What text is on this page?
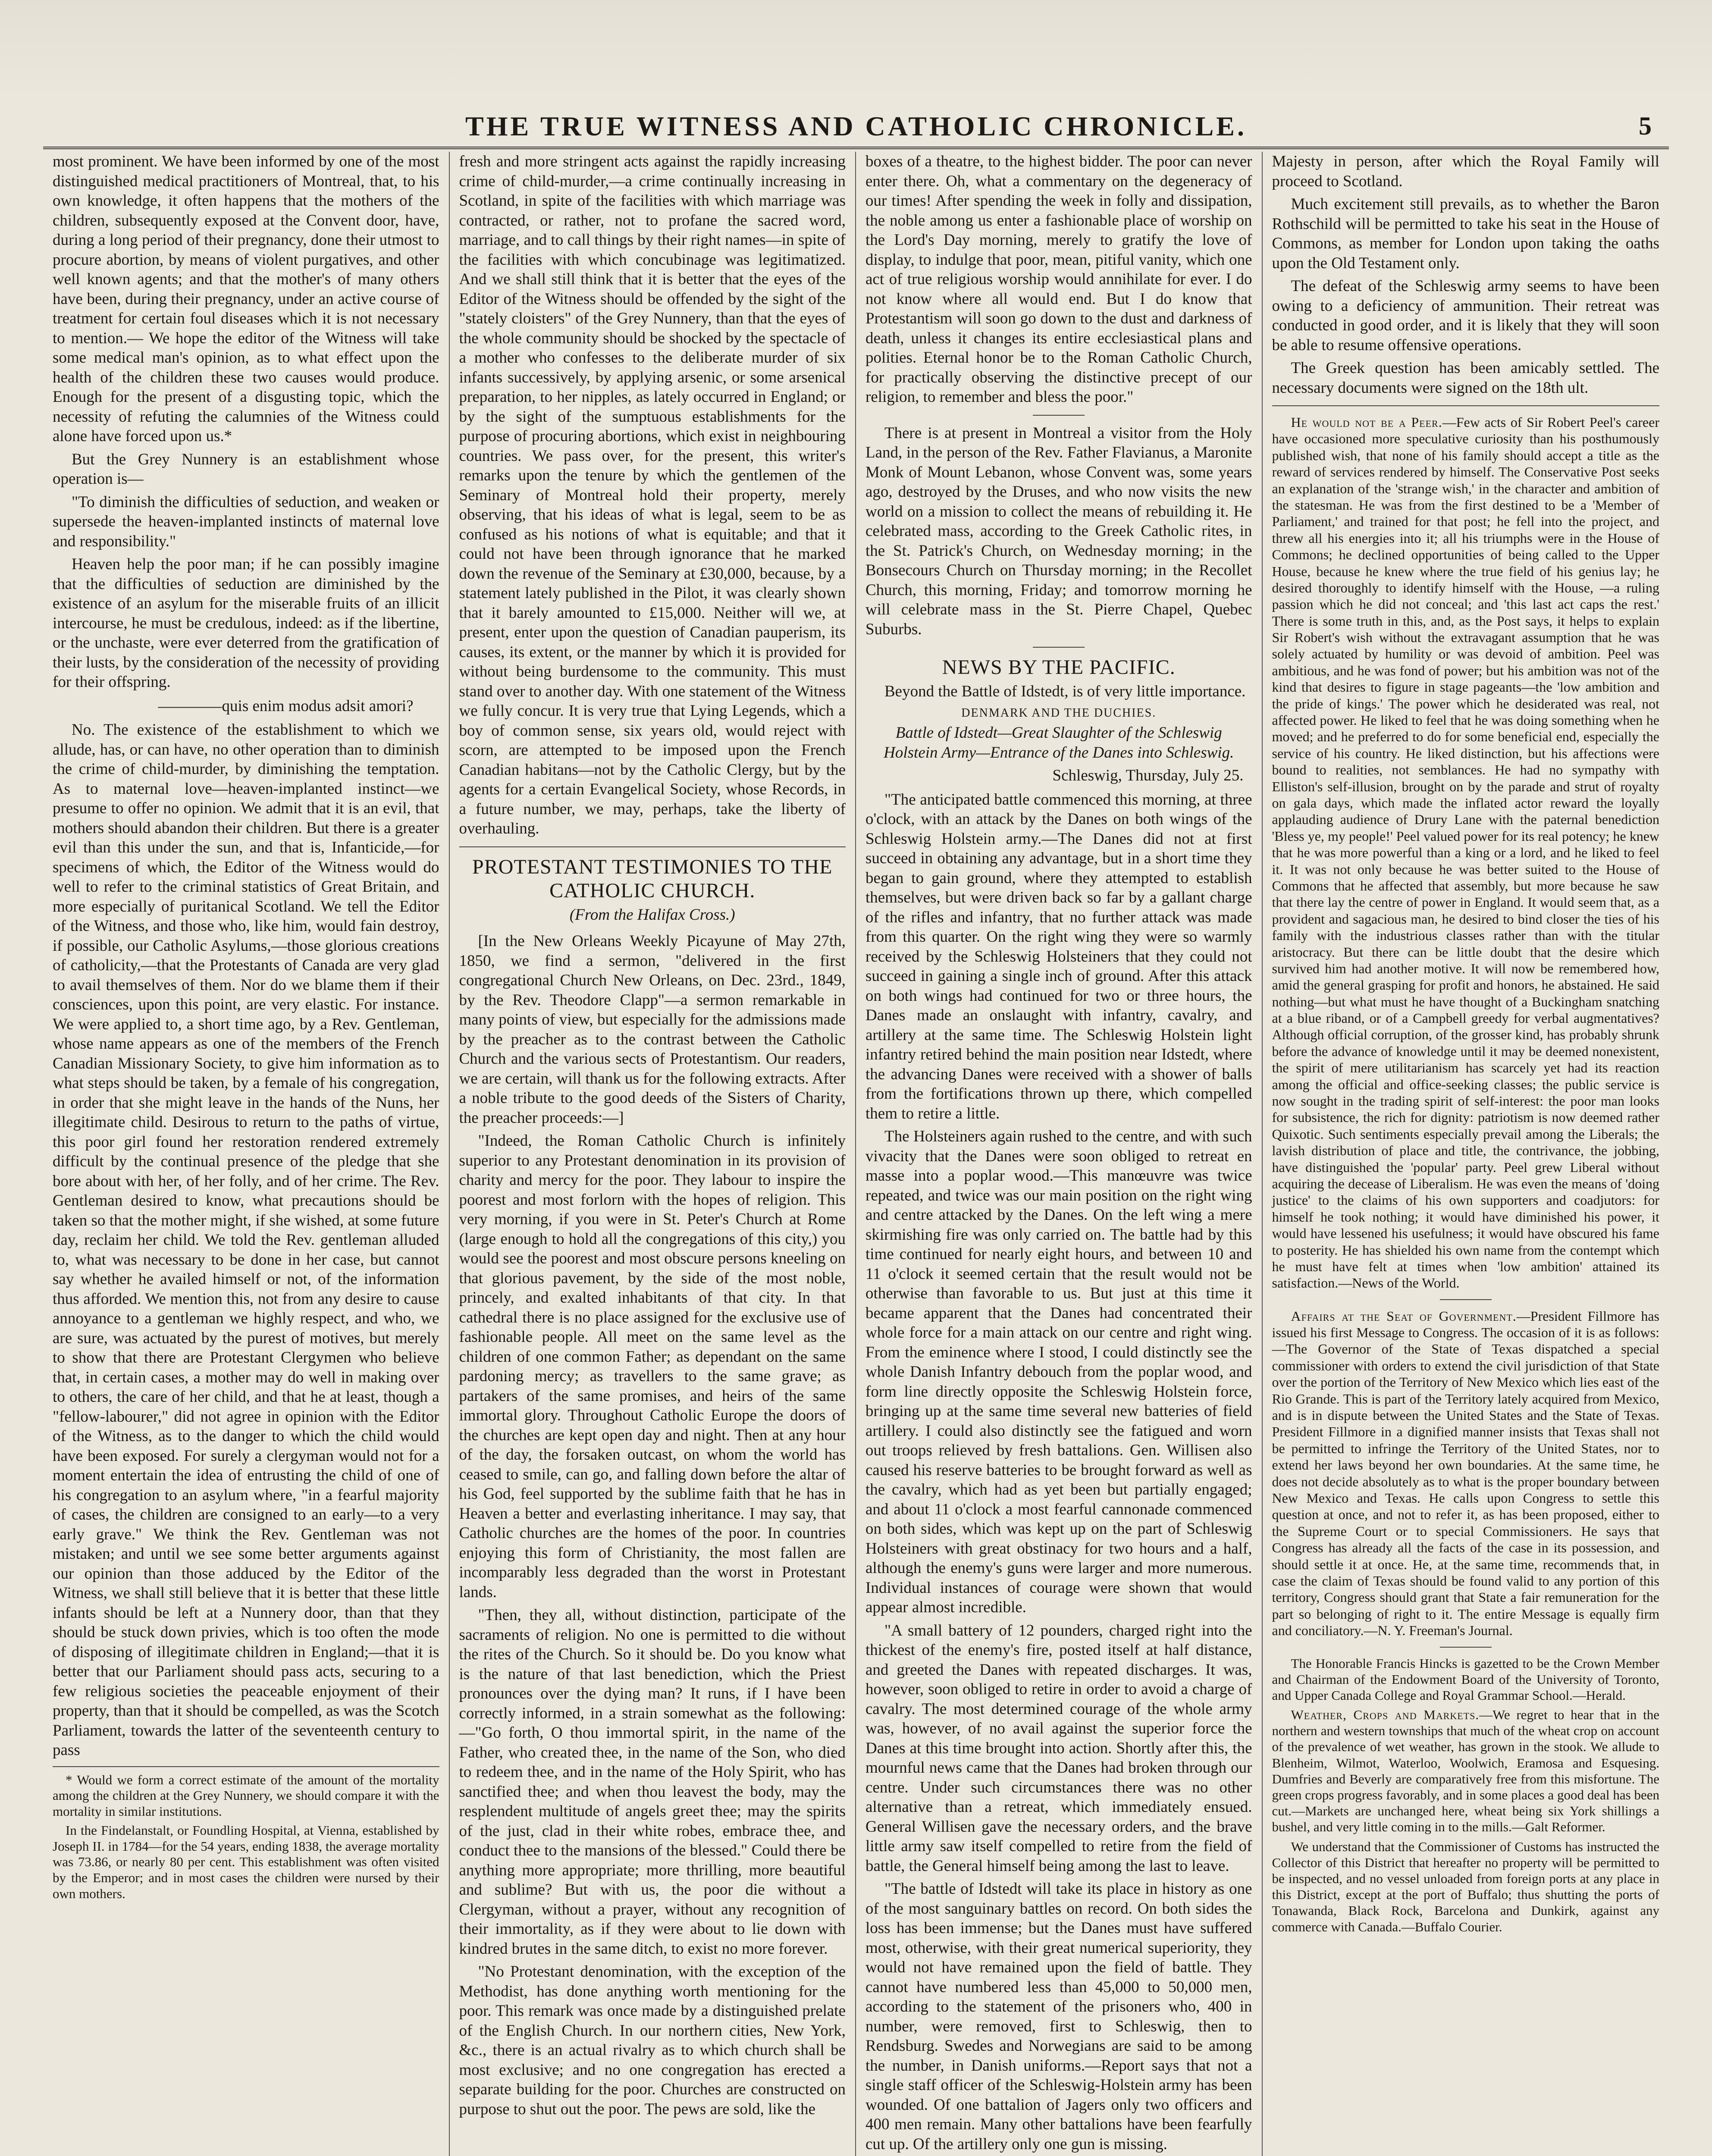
THE TRUE WITNESS AND CATHOLIC CHRONICLE.	5

most prominent. We have been informed by one of the most distinguished medical practitioners of Montreal, that, to his own knowledge, it often happens that the mothers of the children, subsequently exposed at the Convent door, have, during a long period of their pregnancy, done their utmost to procure abortion, by means of violent purgatives, and other well known agents; and that the mother's of many others have been, during their pregnancy, under an active course of treatment for certain foul diseases which it is not necessary to mention.— We hope the editor of the Witness will take some medical man's opinion, as to what effect upon the health of the children these two causes would produce. Enough for the present of a disgusting topic, which the necessity of refuting the calumnies of the Witness could alone have forced upon us.*

But the Grey Nunnery is an establishment whose operation is—

"To diminish the difficulties of seduction, and weaken or supersede the heaven-implanted instincts of maternal love and responsibility."

Heaven help the poor man; if he can possibly imagine that the difficulties of seduction are diminished by the existence of an asylum for the miserable fruits of an illicit intercourse, he must be credulous, indeed: as if the libertine, or the unchaste, were ever deterred from the gratification of their lusts, by the consideration of the necessity of providing for their offspring.

————quis enim modus adsit amori?

No. The existence of the establishment to which we allude, has, or can have, no other operation than to diminish the crime of child-murder, by diminishing the temptation. As to maternal love—heaven-implanted instinct—we presume to offer no opinion. We admit that it is an evil, that mothers should abandon their children. But there is a greater evil than this under the sun, and that is, Infanticide,—for specimens of which, the Editor of the Witness would do well to refer to the criminal statistics of Great Britain, and more especially of puritanical Scotland. We tell the Editor of the Witness, and those who, like him, would fain destroy, if possible, our Catholic Asylums,—those glorious creations of catholicity,—that the Protestants of Canada are very glad to avail themselves of them. Nor do we blame them if their consciences, upon this point, are very elastic. For instance. We were applied to, a short time ago, by a Rev. Gentleman, whose name appears as one of the members of the French Canadian Missionary Society, to give him information as to what steps should be taken, by a female of his congregation, in order that she might leave in the hands of the Nuns, her illegitimate child. Desirous to return to the paths of virtue, this poor girl found her restoration rendered extremely difficult by the continual presence of the pledge that she bore about with her, of her folly, and of her crime. The Rev. Gentleman desired to know, what precautions should be taken so that the mother might, if she wished, at some future day, reclaim her child. We told the Rev. gentleman alluded to, what was necessary to be done in her case, but cannot say whether he availed himself or not, of the information thus afforded. We mention this, not from any desire to cause annoyance to a gentleman we highly respect, and who, we are sure, was actuated by the purest of motives, but merely to show that there are Protestant Clergymen who believe that, in certain cases, a mother may do well in making over to others, the care of her child, and that he at least, though a "fellow-labourer," did not agree in opinion with the Editor of the Witness, as to the danger to which the child would have been exposed. For surely a clergyman would not for a moment entertain the idea of entrusting the child of one of his congregation to an asylum where, "in a fearful majority of cases, the children are consigned to an early—to a very early grave." We think the Rev. Gentleman was not mistaken; and until we see some better arguments against our opinion than those adduced by the Editor of the Witness, we shall still believe that it is better that these little infants should be left at a Nunnery door, than that they should be stuck down privies, which is too often the mode of disposing of illegitimate children in England;—that it is better that our Parliament should pass acts, securing to a few religious societies the peaceable enjoyment of their property, than that it should be compelled, as was the Scotch Parliament, towards the latter of the seventeenth century to pass

* Would we form a correct estimate of the amount of the mortality among the children at the Grey Nunnery, we should compare it with the mortality in similar institutions.

In the Findelanstalt, or Foundling Hospital, at Vienna, established by Joseph II. in 1784—for the 54 years, ending 1838, the average mortality was 73.86, or nearly 80 per cent. This establishment was often visited by the Emperor; and in most cases the children were nursed by their own mothers.

fresh and more stringent acts against the rapidly increasing crime of child-murder,—a crime continually increasing in Scotland, in spite of the facilities with which marriage was contracted, or rather, not to profane the sacred word, marriage, and to call things by their right names—in spite of the facilities with which concubinage was legitimatized. And we shall still think that it is better that the eyes of the Editor of the Witness should be offended by the sight of the "stately cloisters" of the Grey Nunnery, than that the eyes of the whole community should be shocked by the spectacle of a mother who confesses to the deliberate murder of six infants successively, by applying arsenic, or some arsenical preparation, to her nipples, as lately occurred in England; or by the sight of the sumptuous establishments for the purpose of procuring abortions, which exist in neighbouring countries. We pass over, for the present, this writer's remarks upon the tenure by which the gentlemen of the Seminary of Montreal hold their property, merely observing, that his ideas of what is legal, seem to be as confused as his notions of what is equitable; and that it could not have been through ignorance that he marked down the revenue of the Seminary at £30,000, because, by a statement lately published in the Pilot, it was clearly shown that it barely amounted to £15,000. Neither will we, at present, enter upon the question of Canadian pauperism, its causes, its extent, or the manner by which it is provided for without being burdensome to the community. This must stand over to another day. With one statement of the Witness we fully concur. It is very true that Lying Legends, which a boy of common sense, six years old, would reject with scorn, are attempted to be imposed upon the French Canadian habitans—not by the Catholic Clergy, but by the agents for a certain Evangelical Society, whose Records, in a future number, we may, perhaps, take the liberty of overhauling.

PROTESTANT TESTIMONIES TO THE CATHOLIC CHURCH.

(From the Halifax Cross.)

[In the New Orleans Weekly Picayune of May 27th, 1850, we find a sermon, "delivered in the first congregational Church New Orleans, on Dec. 23rd., 1849, by the Rev. Theodore Clapp"—a sermon remarkable in many points of view, but especially for the admissions made by the preacher as to the contrast between the Catholic Church and the various sects of Protestantism. Our readers, we are certain, will thank us for the following extracts. After a noble tribute to the good deeds of the Sisters of Charity, the preacher proceeds:—]

"Indeed, the Roman Catholic Church is infinitely superior to any Protestant denomination in its provision of charity and mercy for the poor. They labour to inspire the poorest and most forlorn with the hopes of religion. This very morning, if you were in St. Peter's Church at Rome (large enough to hold all the congregations of this city,) you would see the poorest and most obscure persons kneeling on that glorious pavement, by the side of the most noble, princely, and exalted inhabitants of that city. In that cathedral there is no place assigned for the exclusive use of fashionable people. All meet on the same level as the children of one common Father; as dependant on the same pardoning mercy; as travellers to the same grave; as partakers of the same promises, and heirs of the same immortal glory. Throughout Catholic Europe the doors of the churches are kept open day and night. Then at any hour of the day, the forsaken outcast, on whom the world has ceased to smile, can go, and falling down before the altar of his God, feel supported by the sublime faith that he has in Heaven a better and everlasting inheritance. I may say, that Catholic churches are the homes of the poor. In countries enjoying this form of Christianity, the most fallen are incomparably less degraded than the worst in Protestant lands.

"Then, they all, without distinction, participate of the sacraments of religion. No one is permitted to die without the rites of the Church. So it should be. Do you know what is the nature of that last benediction, which the Priest pronounces over the dying man? It runs, if I have been correctly informed, in a strain somewhat as the following:—"Go forth, O thou immortal spirit, in the name of the Father, who created thee, in the name of the Son, who died to redeem thee, and in the name of the Holy Spirit, who has sanctified thee; and when thou leavest the body, may the resplendent multitude of angels greet thee; may the spirits of the just, clad in their white robes, embrace thee, and conduct thee to the mansions of the blessed." Could there be anything more appropriate; more thrilling, more beautiful and sublime? But with us, the poor die without a Clergyman, without a prayer, without any recognition of their immortality, as if they were about to lie down with kindred brutes in the same ditch, to exist no more forever.

"No Protestant denomination, with the exception of the Methodist, has done anything worth mentioning for the poor. This remark was once made by a distinguished prelate of the English Church. In our northern cities, New York, &c., there is an actual rivalry as to which church shall be most exclusive; and no one congregation has erected a separate building for the poor. Churches are constructed on purpose to shut out the poor. The pews are sold, like the

boxes of a theatre, to the highest bidder. The poor can never enter there. Oh, what a commentary on the degeneracy of our times! After spending the week in folly and dissipation, the noble among us enter a fashionable place of worship on the Lord's Day morning, merely to gratify the love of display, to indulge that poor, mean, pitiful vanity, which one act of true religious worship would annihilate for ever. I do not know where all would end. But I do know that Protestantism will soon go down to the dust and darkness of death, unless it changes its entire ecclesiastical plans and polities. Eternal honor be to the Roman Catholic Church, for practically observing the distinctive precept of our religion, to remember and bless the poor."

There is at present in Montreal a visitor from the Holy Land, in the person of the Rev. Father Flavianus, a Maronite Monk of Mount Lebanon, whose Convent was, some years ago, destroyed by the Druses, and who now visits the new world on a mission to collect the means of rebuilding it. He celebrated mass, according to the Greek Catholic rites, in the St. Patrick's Church, on Wednesday morning; in the Bonsecours Church on Thursday morning; in the Recollet Church, this morning, Friday; and tomorrow morning he will celebrate mass in the St. Pierre Chapel, Quebec Suburbs.

NEWS BY THE PACIFIC.

Beyond the Battle of Idstedt, is of very little importance.

DENMARK AND THE DUCHIES.

Battle of Idstedt—Great Slaughter of the Schleswig Holstein Army—Entrance of the Danes into Schleswig.

Schleswig, Thursday, July 25.

"The anticipated battle commenced this morning, at three o'clock, with an attack by the Danes on both wings of the Schleswig Holstein army.—The Danes did not at first succeed in obtaining any advantage, but in a short time they began to gain ground, where they attempted to establish themselves, but were driven back so far by a gallant charge of the rifles and infantry, that no further attack was made from this quarter. On the right wing they were so warmly received by the Schleswig Holsteiners that they could not succeed in gaining a single inch of ground. After this attack on both wings had continued for two or three hours, the Danes made an onslaught with infantry, cavalry, and artillery at the same time. The Schleswig Holstein light infantry retired behind the main position near Idstedt, where the advancing Danes were received with a shower of balls from the fortifications thrown up there, which compelled them to retire a little.

The Holsteiners again rushed to the centre, and with such vivacity that the Danes were soon obliged to retreat en masse into a poplar wood.—This manœuvre was twice repeated, and twice was our main position on the right wing and centre attacked by the Danes. On the left wing a mere skirmishing fire was only carried on. The battle had by this time continued for nearly eight hours, and between 10 and 11 o'clock it seemed certain that the result would not be otherwise than favorable to us. But just at this time it became apparent that the Danes had concentrated their whole force for a main attack on our centre and right wing. From the eminence where I stood, I could distinctly see the whole Danish Infantry debouch from the poplar wood, and form line directly opposite the Schleswig Holstein force, bringing up at the same time several new batteries of field artillery. I could also distinctly see the fatigued and worn out troops relieved by fresh battalions. Gen. Willisen also caused his reserve batteries to be brought forward as well as the cavalry, which had as yet been but partially engaged; and about 11 o'clock a most fearful cannonade commenced on both sides, which was kept up on the part of Schleswig Holsteiners with great obstinacy for two hours and a half, although the enemy's guns were larger and more numerous. Individual instances of courage were shown that would appear almost incredible.

"A small battery of 12 pounders, charged right into the thickest of the enemy's fire, posted itself at half distance, and greeted the Danes with repeated discharges. It was, however, soon obliged to retire in order to avoid a charge of cavalry. The most determined courage of the whole army was, however, of no avail against the superior force the Danes at this time brought into action. Shortly after this, the mournful news came that the Danes had broken through our centre. Under such circumstances there was no other alternative than a retreat, which immediately ensued. General Willisen gave the necessary orders, and the brave little army saw itself compelled to retire from the field of battle, the General himself being among the last to leave.

"The battle of Idstedt will take its place in history as one of the most sanguinary battles on record. On both sides the loss has been immense; but the Danes must have suffered most, otherwise, with their great numerical superiority, they would not have remained upon the field of battle. They cannot have numbered less than 45,000 to 50,000 men, according to the statement of the prisoners who, 400 in number, were removed, first to Schleswig, then to Rendsburg. Swedes and Norwegians are said to be among the number, in Danish uniforms.—Report says that not a single staff officer of the Schleswig-Holstein army has been wounded. Of one battalion of Jagers only two officers and 400 men remain. Many other battalions have been fearfully cut up. Of the artillery only one gun is missing.

Majesty in person, after which the Royal Family will proceed to Scotland.

Much excitement still prevails, as to whether the Baron Rothschild will be permitted to take his seat in the House of Commons, as member for London upon taking the oaths upon the Old Testament only.

The defeat of the Schleswig army seems to have been owing to a deficiency of ammunition. Their retreat was conducted in good order, and it is likely that they will soon be able to resume offensive operations.

The Greek question has been amicably settled. The necessary documents were signed on the 18th ult.

He would not be a Peer.—Few acts of Sir Robert Peel's career have occasioned more speculative curiosity than his posthumously published wish, that none of his family should accept a title as the reward of services rendered by himself. The Conservative Post seeks an explanation of the 'strange wish,' in the character and ambition of the statesman. He was from the first destined to be a 'Member of Parliament,' and trained for that post; he fell into the project, and threw all his energies into it; all his triumphs were in the House of Commons; he declined opportunities of being called to the Upper House, because he knew where the true field of his genius lay; he desired thoroughly to identify himself with the House, —a ruling passion which he did not conceal; and 'this last act caps the rest.' There is some truth in this, and, as the Post says, it helps to explain Sir Robert's wish without the extravagant assumption that he was solely actuated by humility or was devoid of ambition. Peel was ambitious, and he was fond of power; but his ambition was not of the kind that desires to figure in stage pageants—the 'low ambition and the pride of kings.' The power which he desiderated was real, not affected power. He liked to feel that he was doing something when he moved; and he preferred to do for some beneficial end, especially the service of his country. He liked distinction, but his affections were bound to realities, not semblances. He had no sympathy with Elliston's self-illusion, brought on by the parade and strut of royalty on gala days, which made the inflated actor reward the loyally applauding audience of Drury Lane with the paternal benediction 'Bless ye, my people!' Peel valued power for its real potency; he knew that he was more powerful than a king or a lord, and he liked to feel it. It was not only because he was better suited to the House of Commons that he affected that assembly, but more because he saw that there lay the centre of power in England. It would seem that, as a provident and sagacious man, he desired to bind closer the ties of his family with the industrious classes rather than with the titular aristocracy. But there can be little doubt that the desire which survived him had another motive. It will now be remembered how, amid the general grasping for profit and honors, he abstained. He said nothing—but what must he have thought of a Buckingham snatching at a blue riband, or of a Campbell greedy for verbal augmentatives? Although official corruption, of the grosser kind, has probably shrunk before the advance of knowledge until it may be deemed nonexistent, the spirit of mere utilitarianism has scarcely yet had its reaction among the official and office-seeking classes; the public service is now sought in the trading spirit of self-interest: the poor man looks for subsistence, the rich for dignity: patriotism is now deemed rather Quixotic. Such sentiments especially prevail among the Liberals; the lavish distribution of place and title, the contrivance, the jobbing, have distinguished the 'popular' party. Peel grew Liberal without acquiring the decease of Liberalism. He was even the means of 'doing justice' to the claims of his own supporters and coadjutors: for himself he took nothing; it would have diminished his power, it would have lessened his usefulness; it would have obscured his fame to posterity. He has shielded his own name from the contempt which he must have felt at times when 'low ambition' attained its satisfaction.—News of the World.

Affairs at the Seat of Government.—President Fillmore has issued his first Message to Congress. The occasion of it is as follows:—The Governor of the State of Texas dispatched a special commissioner with orders to extend the civil jurisdiction of that State over the portion of the Territory of New Mexico which lies east of the Rio Grande. This is part of the Territory lately acquired from Mexico, and is in dispute between the United States and the State of Texas. President Fillmore in a dignified manner insists that Texas shall not be permitted to infringe the Territory of the United States, nor to extend her laws beyond her own boundaries. At the same time, he does not decide absolutely as to what is the proper boundary between New Mexico and Texas. He calls upon Congress to settle this question at once, and not to refer it, as has been proposed, either to the Supreme Court or to special Commissioners. He says that Congress has already all the facts of the case in its possession, and should settle it at once. He, at the same time, recommends that, in case the claim of Texas should be found valid to any portion of this territory, Congress should grant that State a fair remuneration for the part so belonging of right to it. The entire Message is equally firm and conciliatory.—N. Y. Freeman's Journal.

The Honorable Francis Hincks is gazetted to be the Crown Member and Chairman of the Endowment Board of the University of Toronto, and Upper Canada College and Royal Grammar School.—Herald.

Weather, Crops and Markets.—We regret to hear that in the northern and western townships that much of the wheat crop on account of the prevalence of wet weather, has grown in the stook. We allude to Blenheim, Wilmot, Waterloo, Woolwich, Eramosa and Esquesing. Dumfries and Beverly are comparatively free from this misfortune. The green crops progress favorably, and in some places a good deal has been cut.—Markets are unchanged here, wheat being six York shillings a bushel, and very little coming in to the mills.—Galt Reformer.

We understand that the Commissioner of Customs has instructed the Collector of this District that hereafter no property will be permitted to be inspected, and no vessel unloaded from foreign ports at any place in this District, except at the port of Buffalo; thus shutting the ports of Tonawanda, Black Rock, Barcelona and Dunkirk, against any commerce with Canada.—Buffalo Courier.
